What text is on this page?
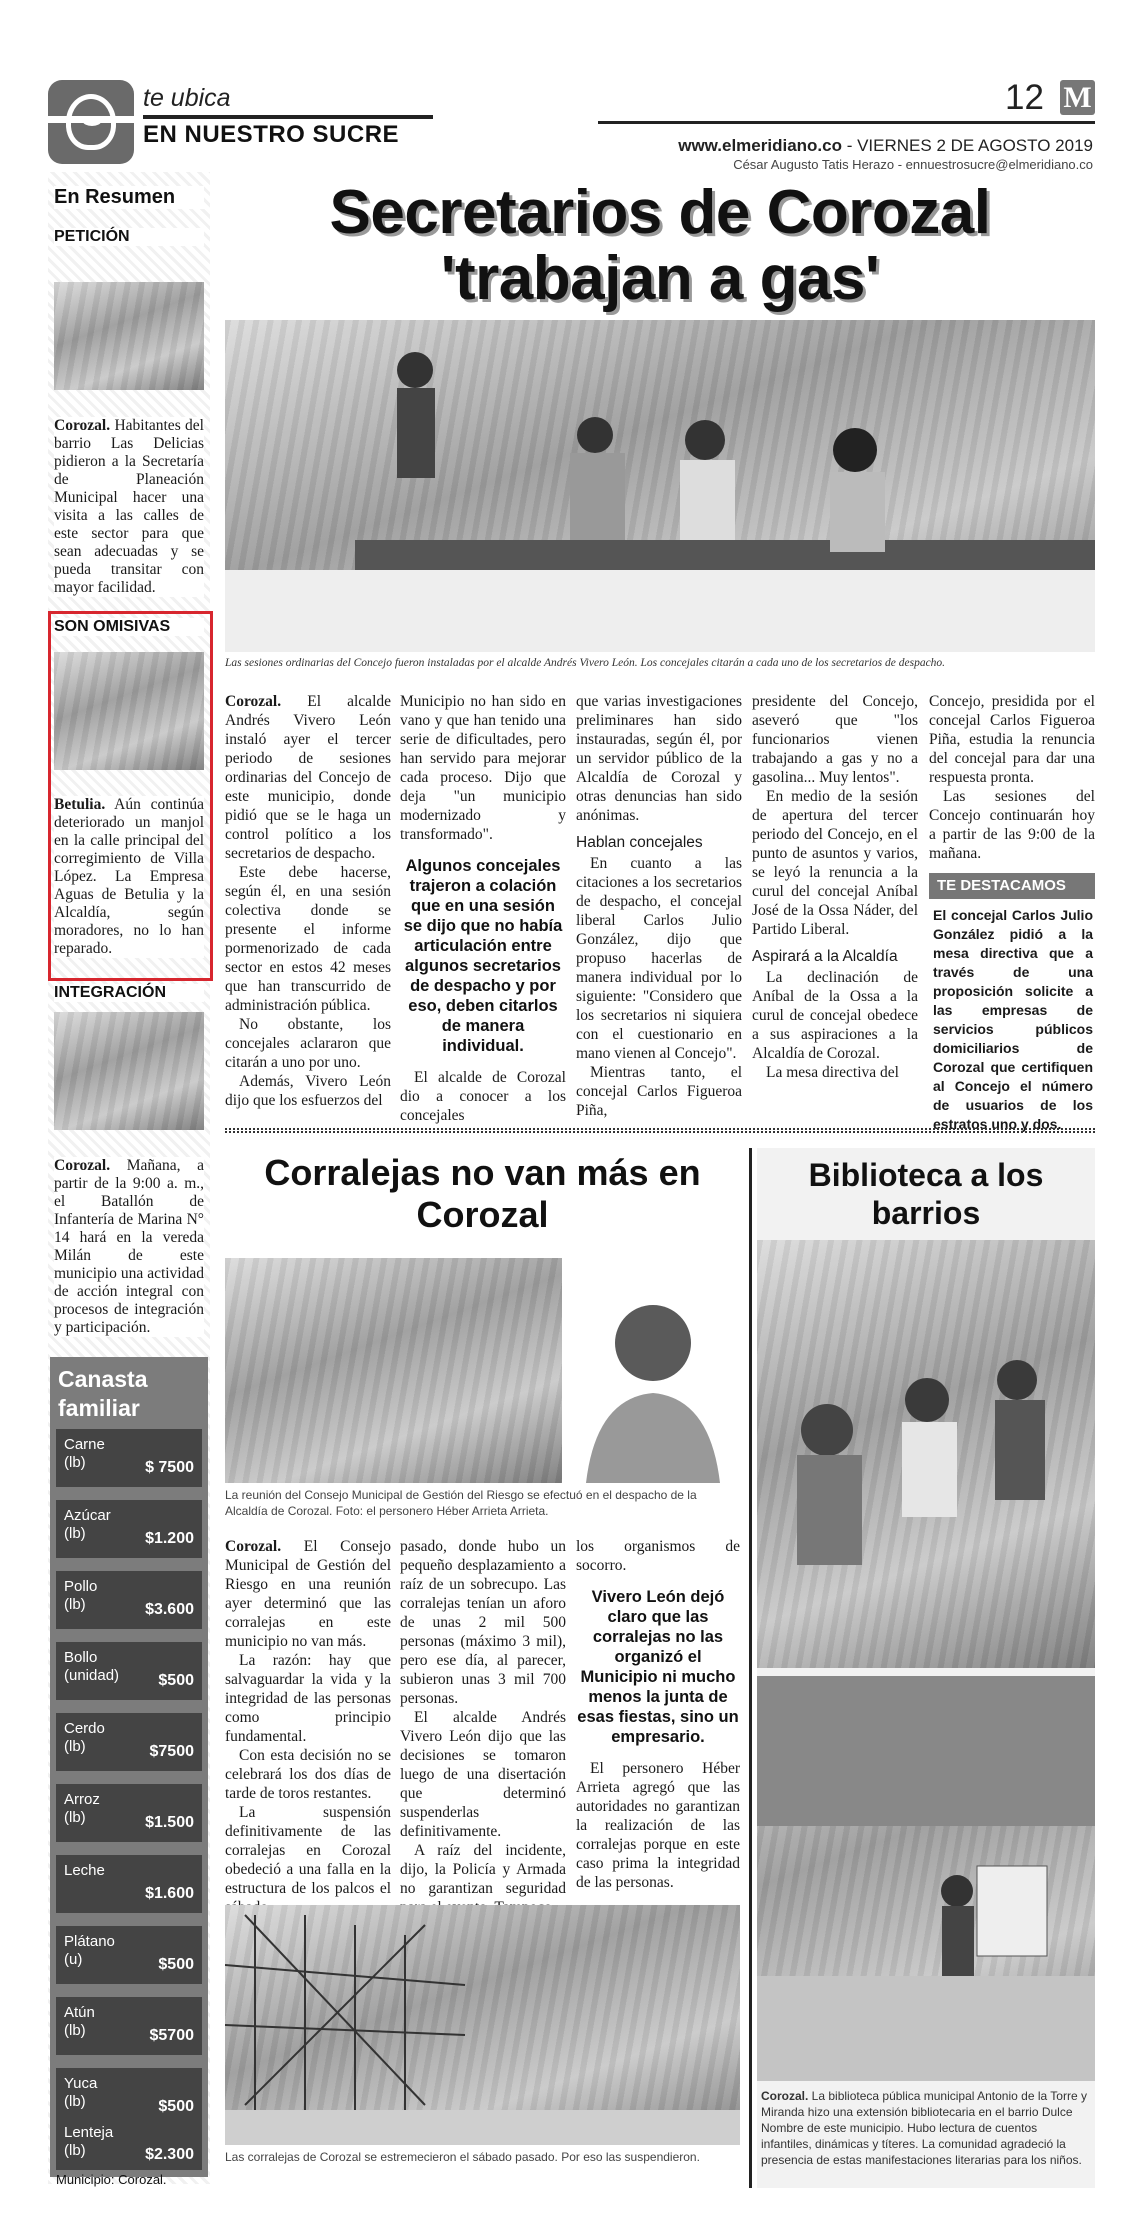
te ubica
EN NUESTRO SUCRE
12 M
www.elmeridiano.co - VIERNES 2 DE AGOSTO 2019
César Augusto Tatis Herazo - ennuestrosucre@elmeridiano.co
En Resumen
PETICIÓN
Corozal. Habitantes del barrio Las Delicias pidieron a la Secretaría de Planeación Municipal hacer una visita a las calles de este sector para que sean adecuadas y se pueda transitar con mayor facilidad.
SON OMISIVAS
Betulia. Aún continúa deteriorado un manjol en la calle principal del corregimiento de Villa López. La Empresa Aguas de Betulia y la Alcaldía, según moradores, no lo han reparado.
INTEGRACIÓN
Corozal. Mañana, a partir de la 9:00 a. m., el Batallón de Infantería de Marina N° 14 hará en la vereda Milán de este municipio una actividad de acción integral con procesos de integración y participación.
Canasta familiar
Carne
(lb)	$ 7500
Azúcar
(lb)	$1.200
Pollo
(lb)	$3.600
Bollo
(unidad) $500
Cerdo
(lb)	$7500
Arroz
(lb)	$1.500
Leche
$1.600
Plátano
(u)	$500
Atún
(lb)	$5700
Yuca
(lb)	$500
Lenteja
(lb)	$2.300
Municipio: Corozal.
Secretarios de Corozal 'trabajan a gas'
Las sesiones ordinarias del Concejo fueron instaladas por el alcalde Andrés Vivero León. Los concejales citarán a cada uno de los secretarios de despacho.

Corozal. El alcalde Andrés Vivero León instaló ayer el tercer periodo de sesiones ordinarias del Concejo de este municipio, donde pidió que se le haga un control político a los secretarios de despacho.

Este debe hacerse, según él, en una sesión colectiva donde se presente el informe pormenorizado de cada sector en estos 42 meses que han transcurrido de administración pública.

No obstante, los concejales aclararon que citarán a uno por uno.

Además, Vivero León dijo que los esfuerzos del

Municipio no han sido en vano y que han tenido una serie de dificultades, pero han servido para mejorar cada proceso. Dijo que deja "un municipio modernizado y transformado".

Algunos concejales trajeron a colación que en una sesión se dijo que no había articulación entre algunos secretarios de despacho y por eso, deben citarlos de manera individual.

El alcalde de Corozal dio a conocer a los concejales

que varias investigaciones preliminares han sido instauradas, según él, por un servidor público de la Alcaldía de Corozal y otras denuncias han sido anónimas.

Hablan concejales

En cuanto a las citaciones a los secretarios de despacho, el concejal liberal Carlos Julio González, dijo que propuso hacerlas de manera individual por lo siguiente: "Considero que los secretarios ni siquiera con el cuestionario en mano vienen al Concejo".

Mientras tanto, el concejal Carlos Figueroa Piña,

presidente del Concejo, aseveró que "los funcionarios vienen trabajando a gas y no a gasolina... Muy lentos".

En medio de la sesión de apertura del tercer periodo del Concejo, en el punto de asuntos y varios, se leyó la renuncia a la curul del concejal Aníbal José de la Ossa Náder, del Partido Liberal.

Aspirará a la Alcaldía

La declinación de Aníbal de la Ossa a la curul de concejal obedece a sus aspiraciones a la Alcaldía de Corozal.

La mesa directiva del

Concejo, presidida por el concejal Carlos Figueroa Piña, estudia la renuncia del concejal para dar una respuesta pronta.

Las sesiones del Concejo continuarán hoy a partir de las 9:00 de la mañana.

TE DESTACAMOS
El concejal Carlos Julio González pidió a la mesa directiva que a través de una proposición solicite a las empresas de servicios públicos domiciliarios de Corozal que certifiquen al Concejo el número de usuarios de los estratos uno y dos.
Corralejas no van más en Corozal
La reunión del Consejo Municipal de Gestión del Riesgo se efectuó en el despacho de la Alcaldía de Corozal. Foto: el personero Héber Arrieta Arrieta.

Corozal. El Consejo Municipal de Gestión del Riesgo en una reunión ayer determinó que las corralejas en este municipio no van más.

La razón: hay que salvaguardar la vida y la integridad de las personas como principio fundamental.

Con esta decisión no se celebrará los dos días de tarde de toros restantes.

La suspensión definitivamente de las corralejas en Corozal obedeció a una falla en la estructura de los palcos el

pasado, donde hubo un pequeño desplazamiento a raíz de un sobrecupo. Las corralejas tenían un aforo de unas 2 mil 500 personas (máximo 3 mil), pero ese día, al parecer, subieron unas 3 mil 700 personas.

El alcalde Andrés Vivero León dijo que las decisiones se tomaron luego de una disertación que determinó suspenderlas definitivamente.

A raíz del incidente, dijo, la Policía y Armada no garantizan seguridad

los organismos de socorro.

Vivero León dejó claro que las corralejas no las organizó el Municipio ni mucho menos la junta de esas fiestas, sino un empresario.

El personero Héber Arrieta agregó que las autoridades no garantizan la realización de las corralejas porque en este caso prima la integridad de las personas.

Las corralejas de Corozal se estremecieron el sábado pasado. Por eso las suspendieron.
Biblioteca a los barrios
Corozal. La biblioteca pública municipal Antonio de la Torre y Miranda hizo una extensión bibliotecaria en el barrio Dulce Nombre de este municipio. Hubo lectura de cuentos infantiles, dinámicas y títeres. La comunidad agradeció la presencia de estas manifestaciones literarias para los niños.
